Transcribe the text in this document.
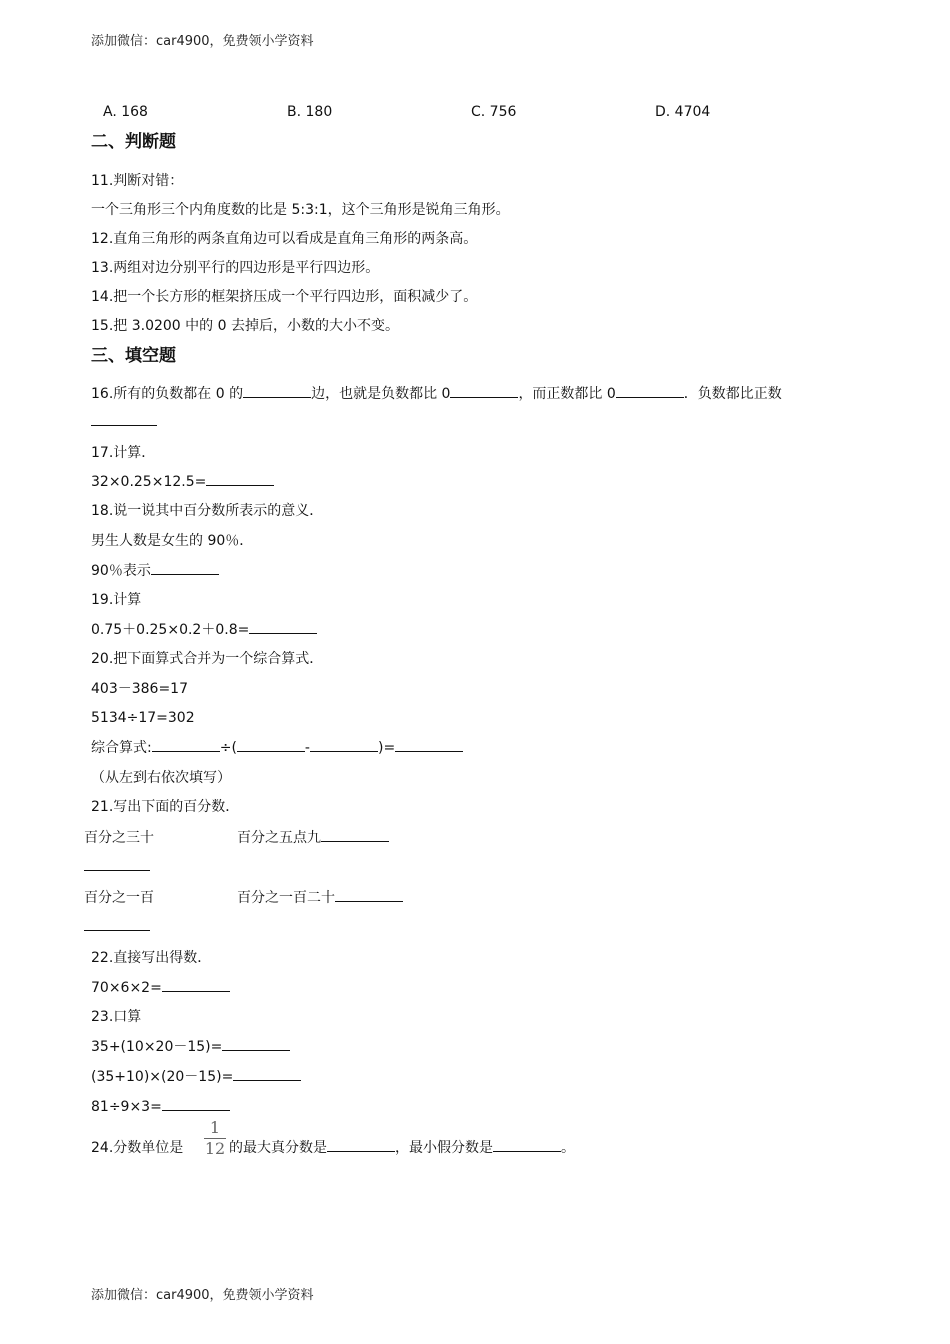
添加微信：car4900，免费领小学资料
添加微信：car4900，免费领小学资料
A. 168	B. 180	C. 756	D. 4704
二、判断题
11.判断对错：
一个三角形三个内角度数的比是 5:3:1，这个三角形是锐角三角形。
12.直角三角形的两条直角边可以看成是直角三角形的两条高。
13.两组对边分别平行的四边形是平行四边形。
14.把一个长方形的框架挤压成一个平行四边形，面积减少了。
15.把 3.0200 中的 0 去掉后，小数的大小不变。
三、填空题
16.所有的负数都在 0 的	边，也就是负数都比 0	，而正数都比 0	．负数都比正数
17.计算．
32×0.25×12.5=
18.说一说其中百分数所表示的意义．
男生人数是女生的 90％．
90％表示
19.计算
0.75＋0.25×0.2＋0.8=
20.把下面算式合并为一个综合算式．
403－386=17
5134÷17=302
综合算式:	÷(	-	)=
（从左到右依次填写）
21.写出下面的百分数．
百分之三十	百分之五点九
百分之一百	百分之一百二十
22.直接写出得数．
70×6×2=
23.口算
35+(10×20－15)=
(35+10)×(20－15)=
81÷9×3=
24.分数单位是
1
12 的最大真分数是	，最小假分数是	。
